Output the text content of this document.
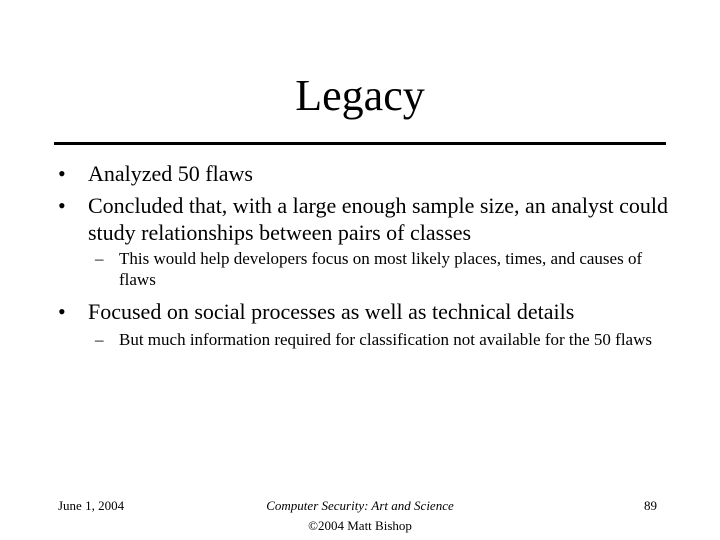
Legacy
• Analyzed 50 flaws
• Concluded that, with a large enough sample size, an analyst could study relationships between pairs of classes
– This would help developers focus on most likely places, times, and causes of flaws
• Focused on social processes as well as technical details
– But much information required for classification not available for the 50 flaws
June 1, 2004	Computer Security: Art and Science
©2004 Matt Bishop
89
